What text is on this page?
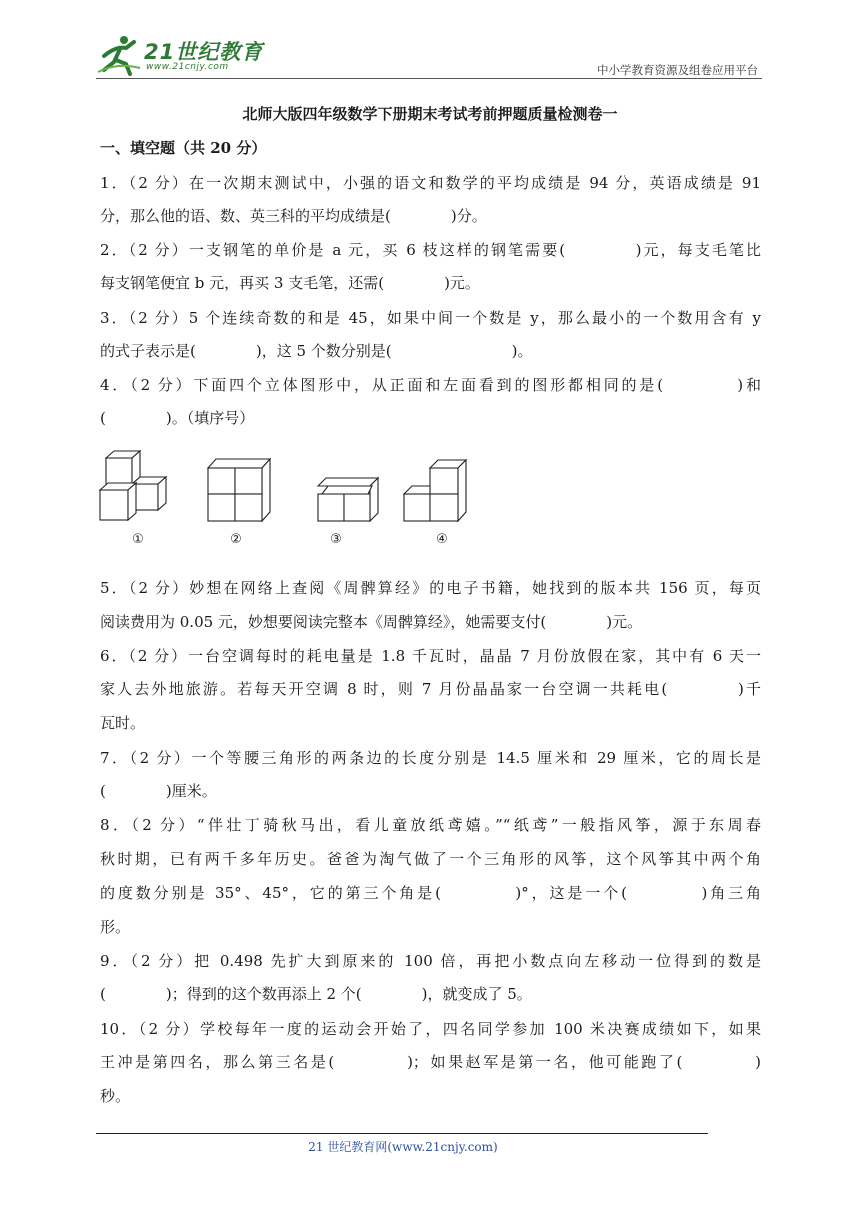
21世纪教育
www.21cnjy.com	中小学教育资源及组卷应用平台
北师大版四年级数学下册期末考试考前押题质量检测卷一
一、填空题（共 20 分）
1．（2 分）在一次期末测试中，小强的语文和数学的平均成绩是 94 分，英语成绩是 91
分，那么他的语、数、英三科的平均成绩是(　　　　)分。
2．（2 分）一支钢笔的单价是 a 元，买 6 枝这样的钢笔需要(　　　　)元，每支毛笔比
每支钢笔便宜 b 元，再买 3 支毛笔，还需(　　　　)元。
3．（2 分）5 个连续奇数的和是 45，如果中间一个数是 y，那么最小的一个数用含有 y
的式子表示是(　　　　)，这 5 个数分别是(　　　　　　　　)。
4．（2 分）下面四个立体图形中，从正面和左面看到的图形都相同的是(　　　　)和
(　　　　)。（填序号）
①	②	③	④
5．（2 分）妙想在网络上查阅《周髀算经》的电子书籍，她找到的版本共 156 页，每页
阅读费用为 0.05 元，妙想要阅读完整本《周髀算经》，她需要支付(　　　　)元。
6．（2 分）一台空调每时的耗电量是 1.8 千瓦时，晶晶 7 月份放假在家，其中有 6 天一
家人去外地旅游。若每天开空调 8 时，则 7 月份晶晶家一台空调一共耗电(　　　　)千
瓦时。
7．（2 分）一个等腰三角形的两条边的长度分别是 14.5 厘米和 29 厘米，它的周长是
(　　　　)厘米。
8．（2 分）“伴壮丁骑秋马出，看儿童放纸鸢嬉。”“纸鸢”一般指风筝，源于东周春
秋时期，已有两千多年历史。爸爸为淘气做了一个三角形的风筝，这个风筝其中两个角
的度数分别是 35°、45°，它的第三个角是(　　　　)°，这是一个(　　　　)角三角
形。
9．（2 分）把 0.498 先扩大到原来的 100 倍，再把小数点向左移动一位得到的数是
(　　　　)；得到的这个数再添上 2 个(　　　　)，就变成了 5。
10．（2 分）学校每年一度的运动会开始了，四名同学参加 100 米决赛成绩如下，如果
王冲是第四名，那么第三名是(　　　　)；如果赵军是第一名，他可能跑了(　　　　)
秒。
21 世纪教育网(www.21cnjy.com)
